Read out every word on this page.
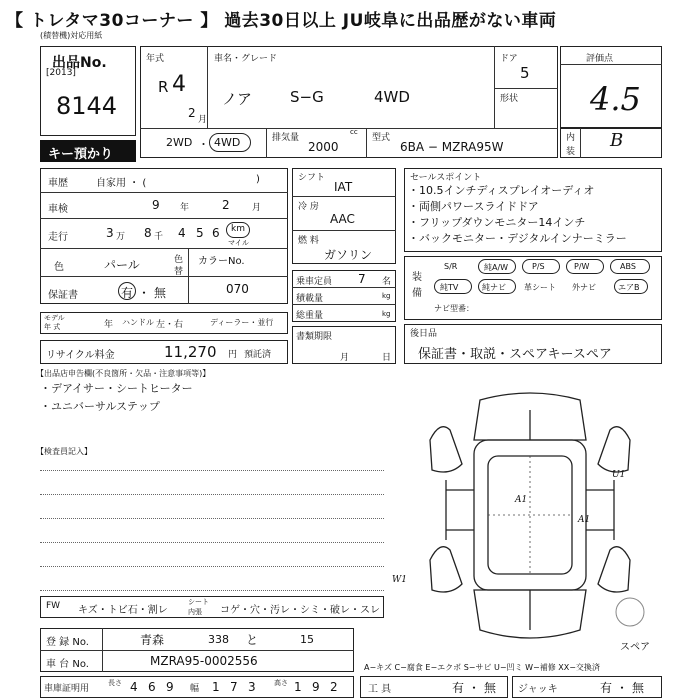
【 トレタマ30コーナー 】 過去30日以上 JU岐阜に出品歴がない車両
(積替機)対応用紙
出品No.
[2013]
8144
キー預かり
年式
R 4
2 月
車名・グレード
ノア	S−G	4WD
ドア
5
形状
2WD ・ 4WD	排気量
cc
2000
型式
6BA − MZRA95W
評価点
4.5
内
装
B
車歴	自家用 ・ (	)
車検	9 年	2 月
走行	3 万 8 千 4 5 6 km
マイル
色	パール	色
替
カラーNo.
070
保証書	有 ・ 無
モデル
年 式	年 ハンドル 左・右	ディーラー・並行
リサイクル料金	11,270 円 預託済
シフト
IAT
冷 房
AAC
燃 料
ガソリン
乗車定員 7 名
積載量	kg
総重量	kg
書類期限
月	日
セールスポイント
・10.5インチディスプレイオーディオ
・両側パワースライドドア
・フリップダウンモニター14インチ
・バックモニター・デジタルインナーミラー
装
備
S/R	純A/W	P/S	P/W	ABS
純TV	純ナビ 革シート 外ナビ	エアB
ナビ型番：
後日品
保証書・取説・スペアキースペア
【出品店申告欄(不良箇所・欠品・注意事項等)】
・デアイサー・シートヒーター
・ユニバーサルステップ
【検査員記入】
A1
A1
U1
W1
スペア
FW キズ・トビ石・割レ
シート
内張 コゲ・穴・汚レ・シミ・破レ・スレ
登 録 No.	青森	338 と	15
車 台 No.	MZRA95-0002556	A−キズ C−腐食 E−エクボ S−サビ U−凹ミ W−補修 XX−交換済
車庫証明用
長さ 4 6 9 幅 1 7 3	高さ 1 9 2	工 具	有 ・ 無 ジャッキ	有 ・ 無
